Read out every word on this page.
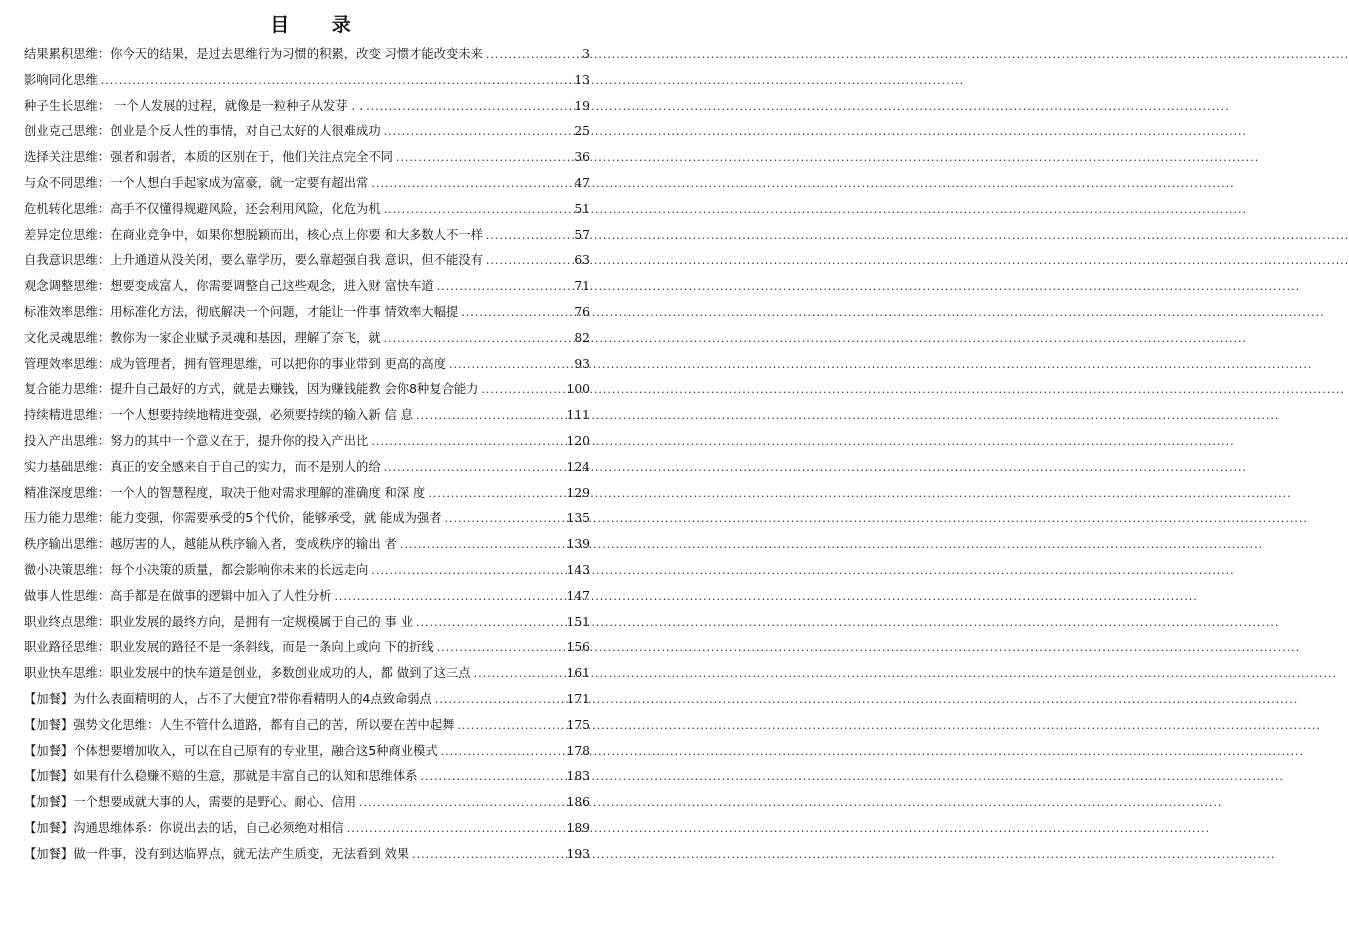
目 录
结果累积思维：你今天的结果，是过去思维行为习惯的积累，改变 习惯才能改变未来 .....	3
影响同化思维 .....	13
种子生长思维： 一个人发展的过程，就像是一粒种子从发芽 . . .....	19
创业克己思维：创业是个反人性的事情，对自己太好的人很难成功 .....	25
选择关注思维：强者和弱者，本质的区别在于，他们关注点完全不同 .....	36
与众不同思维：一个人想白手起家成为富豪，就一定要有超出常 .....	47
危机转化思维：高手不仅懂得规避风险，还会利用风险，化危为机 .....	51
差异定位思维：在商业竞争中，如果你想脱颖而出，核心点上你要 和大多数人不一样 .....	57
自我意识思维：上升通道从没关闭，要么靠学历，要么靠超强自我 意识，但不能没有 .....	63
观念调整思维：想要变成富人，你需要调整自己这些观念，进入财 富快车道 .....	71
标准效率思维：用标准化方法，彻底解决一个问题，才能让一件事 情效率大幅提 .....	76
文化灵魂思维：教你为一家企业赋予灵魂和基因，理解了奈飞，就 .....	82
管理效率思维：成为管理者，拥有管理思维，可以把你的事业带到 更高的高度 .....	93
复合能力思维：提升自己最好的方式，就是去赚钱，因为赚钱能教 会你8种复合能力 .....	100
持续精进思维：一个人想要持续地精进变强，必须要持续的输入新 信 息 .....	111
投入产出思维：努力的其中一个意义在于，提升你的投入产出比 .....	120
实力基础思维：真正的安全感来自于自己的实力，而不是别人的给 .....	124
精准深度思维：一个人的智慧程度，取决于他对需求理解的准确度 和深 度 .....	129
压力能力思维：能力变强，你需要承受的5个代价，能够承受，就 能成为强者 .....	135
秩序输出思维：越厉害的人，越能从秩序输入者，变成秩序的输出 者 .....	139
微小决策思维：每个小决策的质量，都会影响你未来的长远走向 .....	143
做事人性思维：高手都是在做事的逻辑中加入了人性分析 .....	147
职业终点思维：职业发展的最终方向，是拥有一定规模属于自己的 事 业 .....	151
职业路径思维：职业发展的路径不是一条斜线，而是一条向上或向 下的折线 .....	156
职业快车思维：职业发展中的快车道是创业，多数创业成功的人，都 做到了这三点 .....	161
【加餐】为什么表面精明的人，占不了大便宜?带你看精明人的4点致命弱点 .....	171
【加餐】强势文化思维：人生不管什么道路，都有自己的苦，所以要在苦中起舞 .....	175
【加餐】个体想要增加收入，可以在自己原有的专业里，融合这5种商业模式 .....	178
【加餐】如果有什么稳赚不赔的生意，那就是丰富自己的认知和思维体系 .....	183
【加餐】一个想要成就大事的人，需要的是野心、耐心、信用 .....	186
【加餐】沟通思维体系：你说出去的话，自己必须绝对相信 .....	189
【加餐】做一件事，没有到达临界点，就无法产生质变，无法看到 效果 .....	193
